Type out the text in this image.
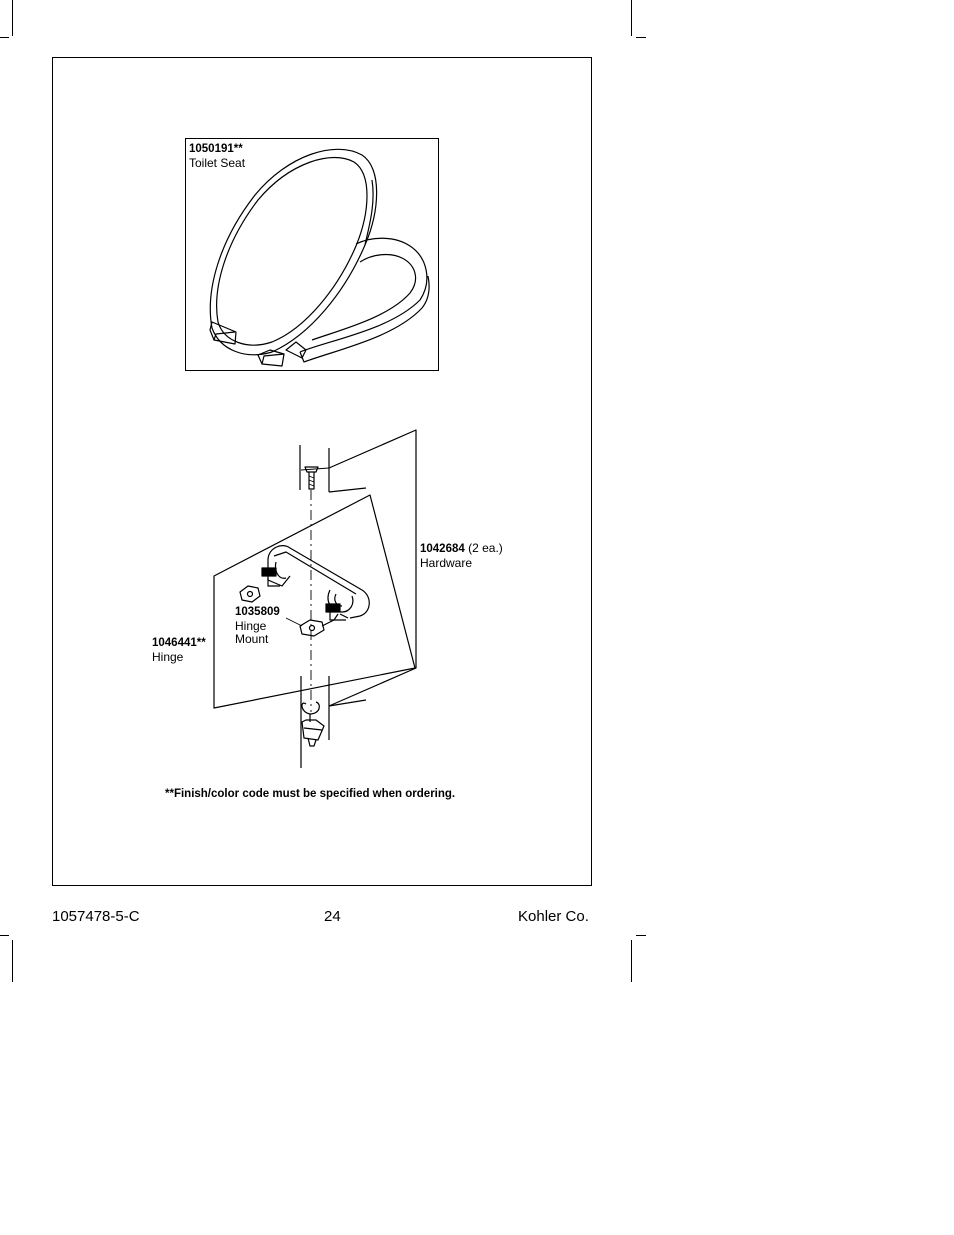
1050191**
Toilet Seat
1042684 (2 ea.)
Hardware
1035809
Hinge
Mount
1046441**
Hinge
**Finish/color code must be specified when ordering.
1057478-5-C	24	Kohler Co.
